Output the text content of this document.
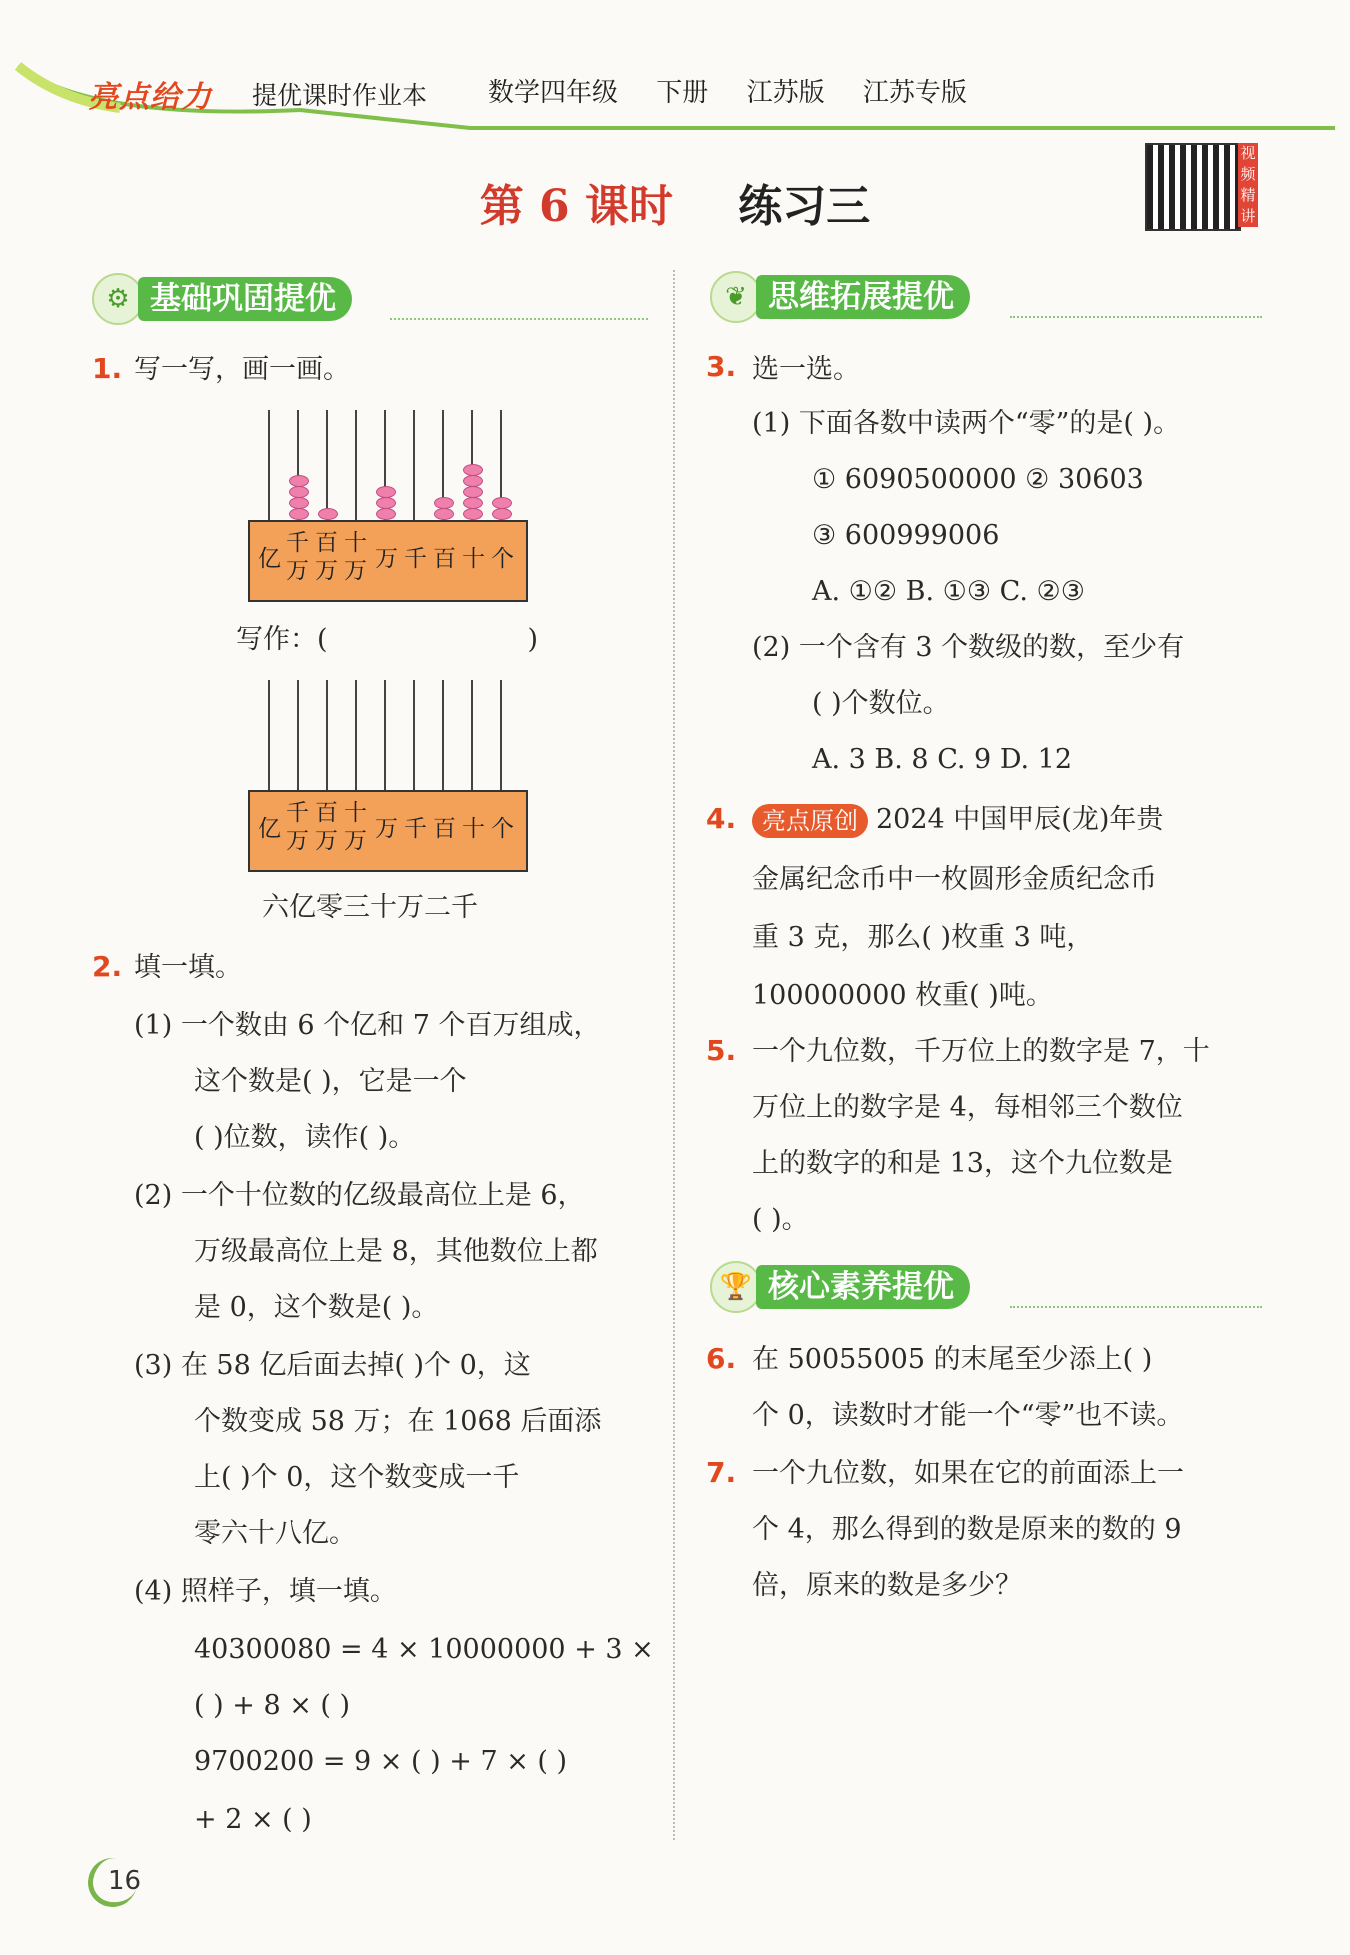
亮点给力 提优课时作业本 数学四年级 下册 江苏版 江苏专版
第 6 课时 练习三
视频精讲
⚙ 基础巩固提优
1. 写一写，画一画。
亿
千
万
百
万
十
万 万 千 百 十 个
写作：(	)
亿
千
万
百
万
十
万 万 千 百 十 个
六亿零三十万二千
2. 填一填。
(1) 一个数由 6 个亿和 7 个百万组成，
这个数是( )，它是一个
( )位数，读作( )。
(2) 一个十位数的亿级最高位上是 6，
万级最高位上是 8，其他数位上都
是 0，这个数是( )。
(3) 在 58 亿后面去掉( )个 0，这
个数变成 58 万；在 1068 后面添
上( )个 0，这个数变成一千
零六十八亿。
(4) 照样子，填一填。
40300080 = 4 × 10000000 + 3 ×
( ) + 8 × ( )
9700200 = 9 × ( ) + 7 × ( )
+ 2 × ( )
❦ 思维拓展提优
3. 选一选。
(1) 下面各数中读两个“零”的是( )。
① 6090500000 ② 30603
③ 600999006
A. ①② B. ①③ C. ②③
(2) 一个含有 3 个数级的数，至少有
( )个数位。
A. 3 B. 8 C. 9 D. 12
4.	亮点原创 2024 中国甲辰(龙)年贵
金属纪念币中一枚圆形金质纪念币
重 3 克，那么( )枚重 3 吨，
100000000 枚重( )吨。
5. 一个九位数，千万位上的数字是 7，十
万位上的数字是 4，每相邻三个数位
上的数字的和是 13，这个九位数是
( )。
🏆 核心素养提优
6. 在 50055005 的末尾至少添上( )
个 0，读数时才能一个“零”也不读。
7. 一个九位数，如果在它的前面添上一
个 4，那么得到的数是原来的数的 9
倍，原来的数是多少？
16
